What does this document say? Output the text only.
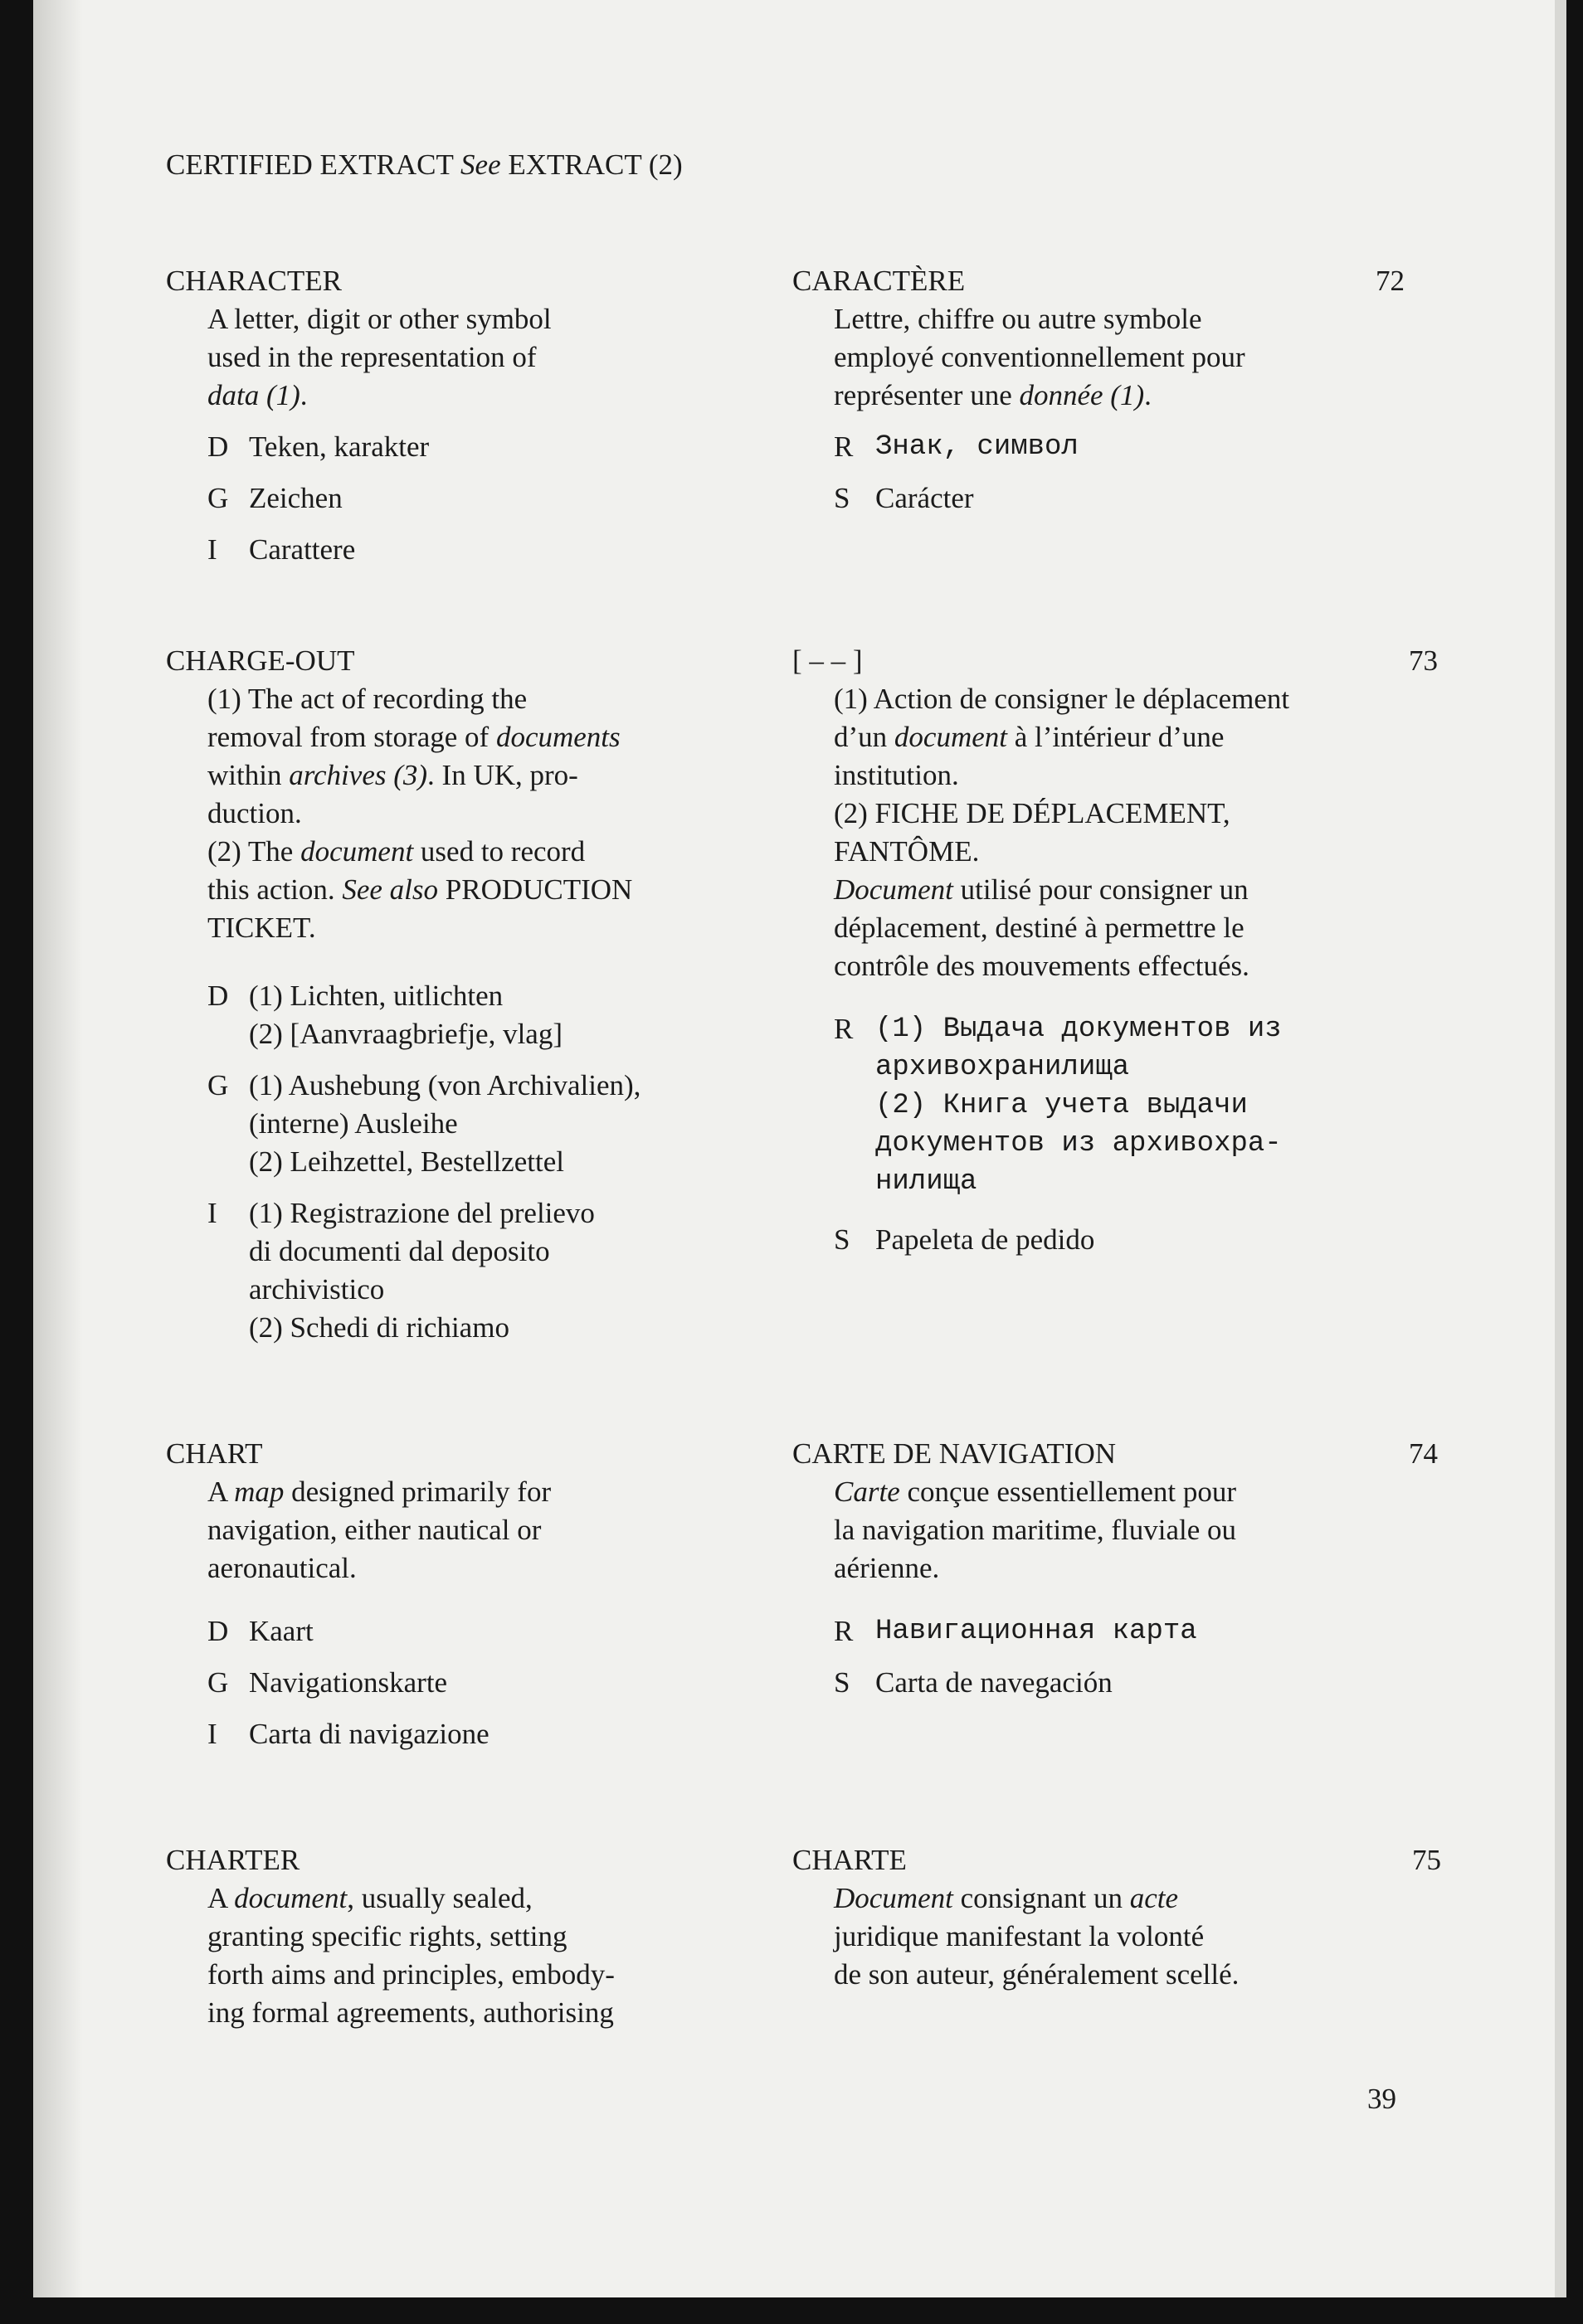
CERTIFIED EXTRACT See EXTRACT (2)
CHARACTER

A letter, digit or other symbol
used in the representation of
data (1).

D Teken, karakter
G Zeichen
I	Carattere
CARACTÈRE

Lettre, chiffre ou autre symbole
employé conventionnellement pour
représenter une donnée (1).

R Знак, символ
S Carácter
72
CHARGE-OUT

(1) The act of recording the
removal from storage of documents
within archives (3). In UK, pro-
duction.

(2) The document used to record
this action. See also PRODUCTION
TICKET.

D (1) Lichten, uitlichten
(2) [Aanvraagbriefje, vlag]
G (1) Aushebung (von Archivalien),
(interne) Ausleihe
(2) Leihzettel, Bestellzettel
I	(1) Registrazione del prelievo
di documenti dal deposito
archivistico
(2) Schedi di richiamo
[ – – ]

(1) Action de consigner le déplacement
d’un document à l’intérieur d’une
institution.

(2) FICHE DE DÉPLACEMENT,
FANTÔME.

Document utilisé pour consigner un
déplacement, destiné à permettre le
contrôle des mouvements effectués.

R (1) Выдача документов из
архивохранилища
(2) Книга учета выдачи
документов из архивохра-
нилища
S Papeleta de pedido
73
CHART

A map designed primarily for
navigation, either nautical or
aeronautical.

D Kaart
G Navigationskarte
I	Carta di navigazione
CARTE DE NAVIGATION

Carte conçue essentiellement pour
la navigation maritime, fluviale ou
aérienne.

R Навигационная карта
S Carta de navegación
74
CHARTER

A document, usually sealed,
granting specific rights, setting
forth aims and principles, embody-
ing formal agreements, authorising

CHARTE

Document consignant un acte
juridique manifestant la volonté
de son auteur, généralement scellé.

75
39
